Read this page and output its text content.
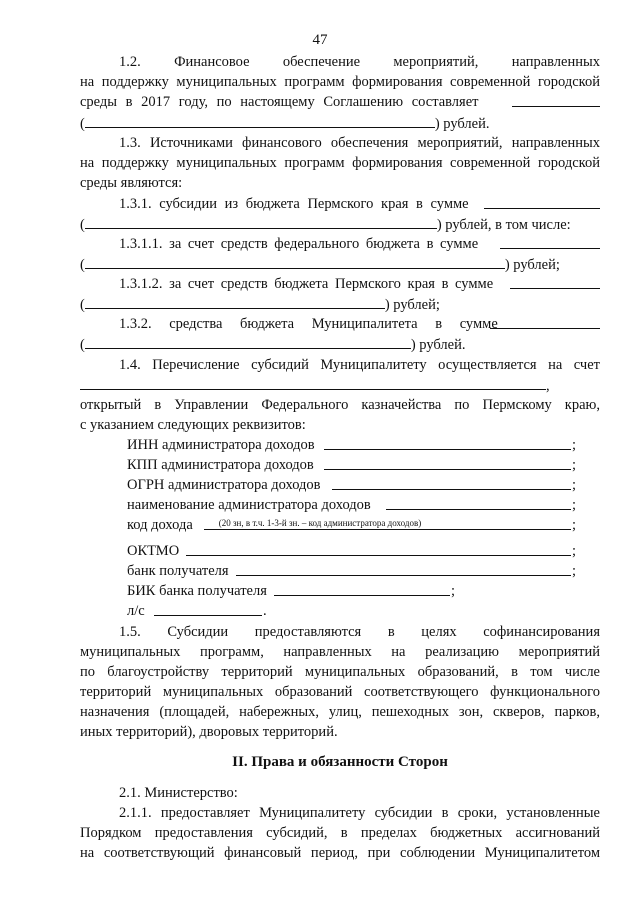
47
1.2. Финансовое обеспечение мероприятий, направленных
на поддержку муниципальных программ формирования современной городской
среды в 2017 году, по настоящему Соглашению составляет
(	) рублей.
1.3. Источниками финансового обеспечения мероприятий, направленных
на поддержку муниципальных программ формирования современной городской
среды являются:
1.3.1. субсидии из бюджета Пермского края в сумме
(	) рублей, в том числе:
1.3.1.1. за счет средств федерального бюджета в сумме
(	) рублей;
1.3.1.2. за счет средств бюджета Пермского края в сумме
(	) рублей;
1.3.2. средства бюджета Муниципалитета в сумме
(	) рублей.
1.4. Перечисление субсидий Муниципалитету осуществляется на счет
,
открытый в Управлении Федерального казначейства по Пермскому краю,
с указанием следующих реквизитов:
ИНН администратора доходов	;
КПП администратора доходов	;
ОГРН администратора доходов	;
наименование администратора доходов	;
код дохода	;
(20 зн, в т.ч. 1-3-й зн. – код администратора доходов)
ОКТМО	;
банк получателя	;
БИК банка получателя	;
л/с	.
1.5. Субсидии предоставляются в целях софинансирования
муниципальных программ, направленных на реализацию мероприятий
по благоустройству территорий муниципальных образований, в том числе
территорий муниципальных образований соответствующего функционального
назначения (площадей, набережных, улиц, пешеходных зон, скверов, парков,
иных территорий), дворовых территорий.
II. Права и обязанности Сторон
2.1. Министерство:
2.1.1. предоставляет Муниципалитету субсидии в сроки, установленные
Порядком предоставления субсидий, в пределах бюджетных ассигнований
на соответствующий финансовый период, при соблюдении Муниципалитетом
